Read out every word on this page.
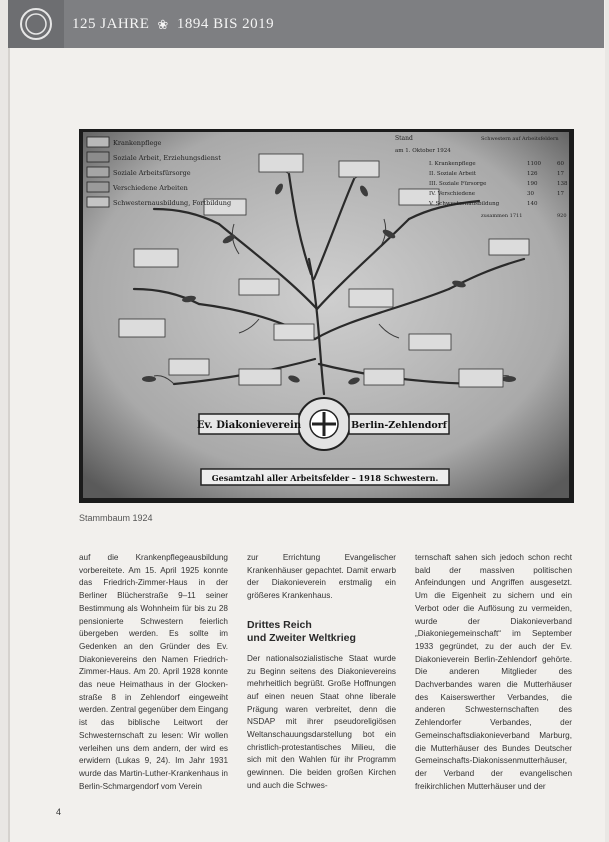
125 JAHRE ❀ 1894 BIS 2019
Krankenpflege
Soziale Arbeit, Erziehungsdienst
Soziale Arbeitsfürsorge
Verschiedene Arbeiten
Schwesternausbildung, Fortbildung
Stand	Schwestern auf Arbeitsfeldern
am 1. Oktober 1924
I. Krankenpflege	1100	60
II. Soziale Arbeit	126	17
III. Soziale Fürsorge	190	138
IV. Verschiedene	30	17
V. Schwesternausbildung	140
zusammen 1711	920
Ev. Diakonieverein	Berlin-Zehlendorf
Gesamtzahl aller Arbeitsfelder – 1918 Schwestern.
Stammbaum 1924

auf die Krankenpflegeausbildung vorbereitete. Am 15. April 1925 konnte das Friedrich-Zimmer-Haus in der Berliner Blücherstraße 9–11 seiner Bestimmung als Wohnheim für bis zu 28 pensionierte Schwestern feierlich übergeben werden. Es sollte im Gedenken an den Gründer des Ev. Diakonievereins den Namen Friedrich-Zimmer-Haus. Am 20. April 1928 konnte das neue Heimathaus in der Glockenstraße 8 in Zehlendorf eingeweiht werden. Zentral gegenüber dem Eingang ist das biblische Leitwort der Schwesternschaft zu lesen: Wir wollen verleihen uns dem andern, der wird es erwidern (Lukas 9, 24). Im Jahr 1931 wurde das Martin-Luther-Krankenhaus in Berlin-Schmargendorf vom Verein

zur Errichtung Evangelischer Krankenhäuser gepachtet. Damit erwarb der Diakonieverein erstmalig ein größeres Krankenhaus.

Drittes Reich
und Zweiter Weltkrieg

Der nationalsozialistische Staat wurde zu Beginn seitens des Diakonievereins mehrheitlich begrüßt. Große Hoffnungen auf einen neuen Staat ohne liberale Prägung waren verbreitet, denn die NSDAP mit ihrer pseudoreligiösen Weltanschauungsdarstellung bot ein christlich-protestantisches Milieu, die sich mit den Wahlen für ihr Programm gewinnen. Die beiden großen Kirchen und auch die Schwes-

ternschaft sahen sich jedoch schon recht bald der massiven politischen Anfeindungen und Angriffen ausgesetzt. Um die Eigenheit zu sichern und ein Verbot oder die Auflösung zu vermeiden, wurde der Diakonieverband „Diakoniegemeinschaft“ im September 1933 gegründet, zu der auch der Ev. Diakonieverein Berlin-Zehlendorf gehörte. Die anderen Mitglieder des Dachverbandes waren die Mutterhäuser des Kaiserswerther Verbandes, die anderen Schwesternschaften des Zehlendorfer Verbandes, der Gemeinschaftsdiakonieverband Marburg, die Mutterhäuser des Bundes Deutscher Gemeinschafts-Diakonissenmutterhäuser, der Verband der evangelischen freikirchlichen Mutterhäuser und der

4
